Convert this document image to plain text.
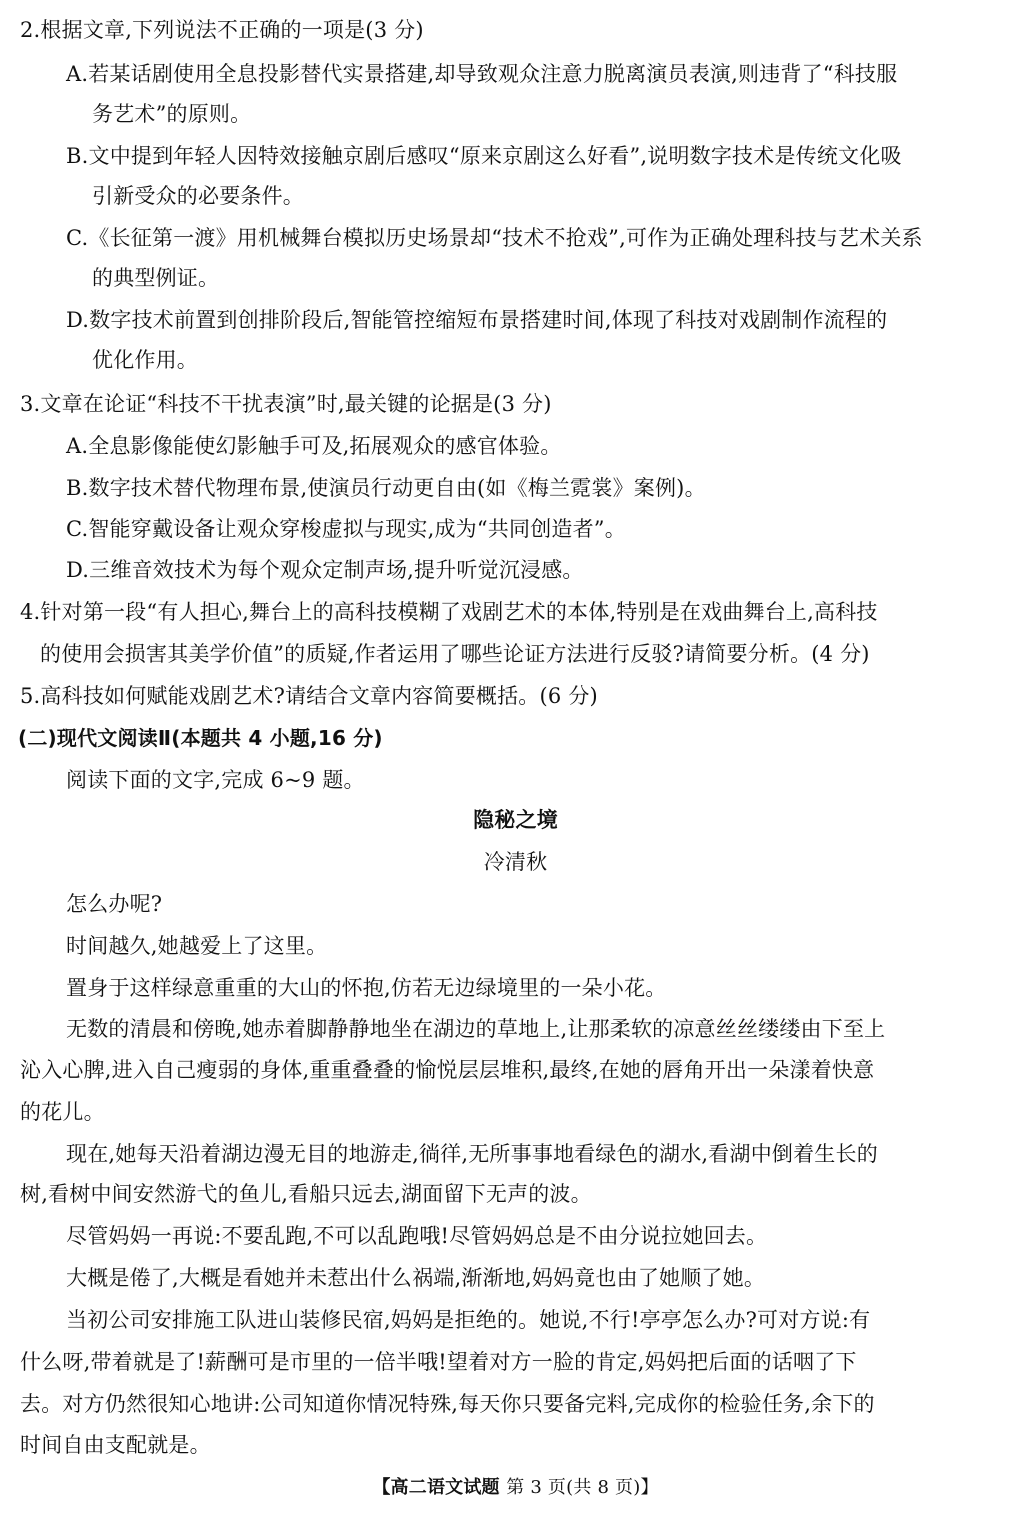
2.根据文章,下列说法不正确的一项是(3 分)
A.若某话剧使用全息投影替代实景搭建,却导致观众注意力脱离演员表演,则违背了“科技服
务艺术”的原则。
B.文中提到年轻人因特效接触京剧后感叹“原来京剧这么好看”,说明数字技术是传统文化吸
引新受众的必要条件。
C.《长征第一渡》用机械舞台模拟历史场景却“技术不抢戏”,可作为正确处理科技与艺术关系
的典型例证。
D.数字技术前置到创排阶段后,智能管控缩短布景搭建时间,体现了科技对戏剧制作流程的
优化作用。
3.文章在论证“科技不干扰表演”时,最关键的论据是(3 分)
A.全息影像能使幻影触手可及,拓展观众的感官体验。
B.数字技术替代物理布景,使演员行动更自由(如《梅兰霓裳》案例)。
C.智能穿戴设备让观众穿梭虚拟与现实,成为“共同创造者”。
D.三维音效技术为每个观众定制声场,提升听觉沉浸感。
4.针对第一段“有人担心,舞台上的高科技模糊了戏剧艺术的本体,特别是在戏曲舞台上,高科技
的使用会损害其美学价值”的质疑,作者运用了哪些论证方法进行反驳?请简要分析。(4 分)
5.高科技如何赋能戏剧艺术?请结合文章内容简要概括。(6 分)
(二)现代文阅读Ⅱ(本题共 4 小题,16 分)
阅读下面的文字,完成 6~9 题。
隐秘之境
冷清秋
怎么办呢?
时间越久,她越爱上了这里。
置身于这样绿意重重的大山的怀抱,仿若无边绿境里的一朵小花。
无数的清晨和傍晚,她赤着脚静静地坐在湖边的草地上,让那柔软的凉意丝丝缕缕由下至上
沁入心脾,进入自己瘦弱的身体,重重叠叠的愉悦层层堆积,最终,在她的唇角开出一朵漾着快意
的花儿。
现在,她每天沿着湖边漫无目的地游走,徜徉,无所事事地看绿色的湖水,看湖中倒着生长的
树,看树中间安然游弋的鱼儿,看船只远去,湖面留下无声的波。
尽管妈妈一再说:不要乱跑,不可以乱跑哦!尽管妈妈总是不由分说拉她回去。
大概是倦了,大概是看她并未惹出什么祸端,渐渐地,妈妈竟也由了她顺了她。
当初公司安排施工队进山装修民宿,妈妈是拒绝的。她说,不行!亭亭怎么办?可对方说:有
什么呀,带着就是了!薪酬可是市里的一倍半哦!望着对方一脸的肯定,妈妈把后面的话咽了下
去。对方仍然很知心地讲:公司知道你情况特殊,每天你只要备完料,完成你的检验任务,余下的
时间自由支配就是。
【高二语文试题 第 3 页(共 8 页)】
